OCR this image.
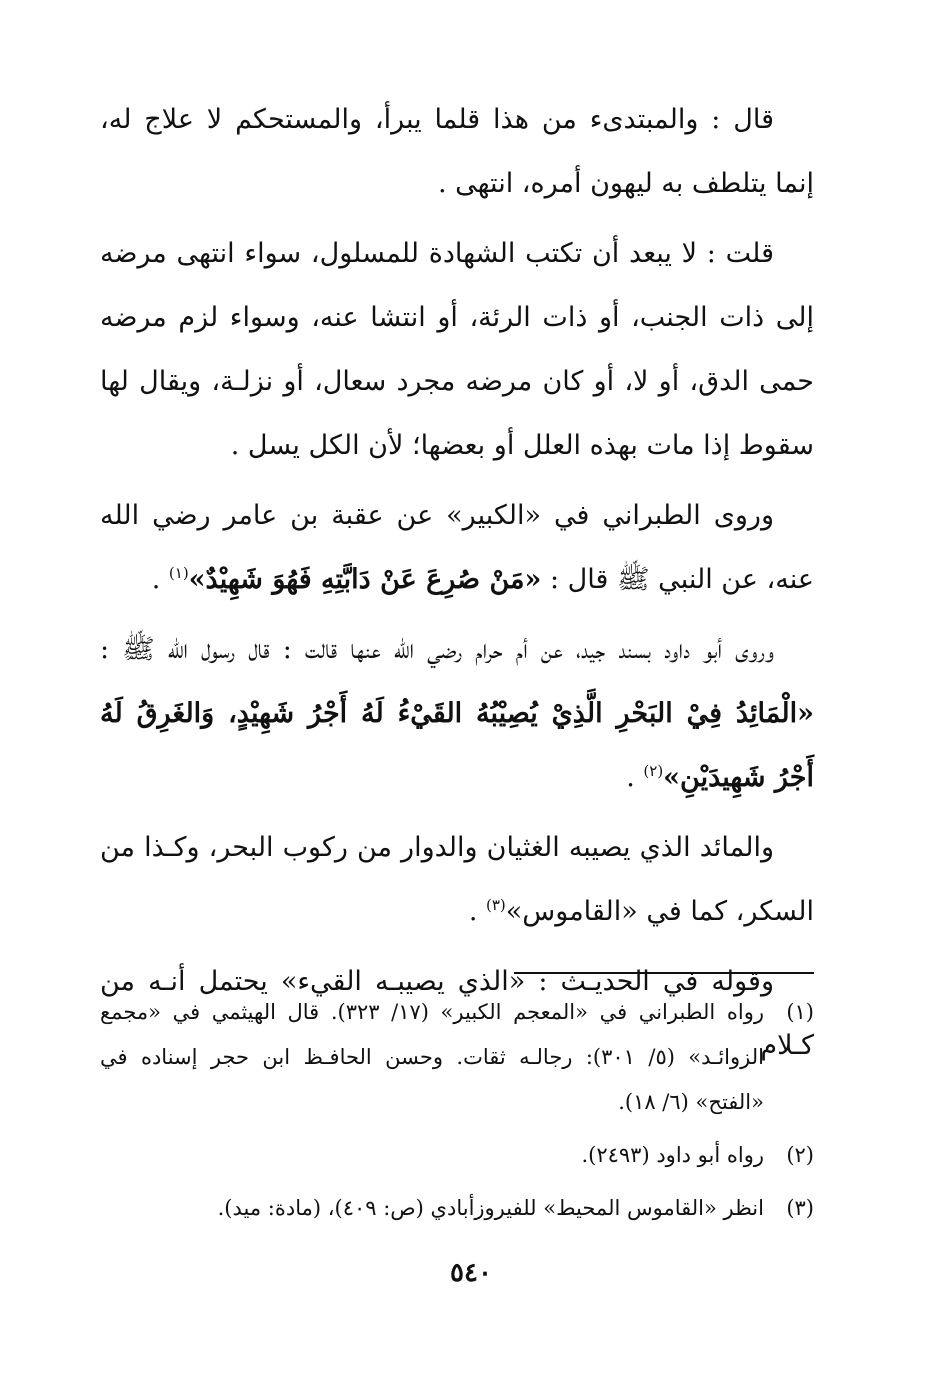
قال : والمبتدىء من هذا قلما يبرأ، والمستحكم لا علاج له، إنما يتلطف به ليهون أمره، انتهى .

قلت : لا يبعد أن تكتب الشهادة للمسلول، سواء انتهى مرضه إلى ذات الجنب، أو ذات الرئة، أو انتشا عنه، وسواء لزم مرضه حمى الدق، أو لا، أو كان مرضه مجرد سعال، أو نزلـة، ويقال لها سقوط إذا مات بهذه العلل أو بعضها؛ لأن الكل يسل .

وروى الطبراني في «الكبير» عن عقبة بن عامر رضي الله عنه، عن النبي ﷺ قال : «مَنْ صُرِعَ عَنْ دَابَّتِهِ فَهُوَ شَهِيْدٌ»$^{(١)}$ .

وروى أبو داود بسند جيد، عن أم حرام رضي الله عنها قالت : قال رسول الله ﷺ : «الْمَائِدُ فِيْ البَحْرِ الَّذِيْ يُصِيْبُهُ القَيْءُ لَهُ أَجْرُ شَهِيْدٍ، وَالغَرِقُ لَهُ أَجْرُ شَهِيدَيْنِ»$^{(٢)}$ .

والمائد الذي يصيبه الغثيان والدوار من ركوب البحر، وكـذا من السكر، كما في «القاموس»$^{(٣)}$ .

وقوله في الحديـث : «الذي يصيبـه القيء» يحتمل أنـه من كـلام

(١)
رواه الطبراني في «المعجم الكبير» (١٧/ ٣٢٣). قال الهيثمي في «مجمع الزوائـد» (٥/ ٣٠١): رجالـه ثقات. وحسن الحافـظ ابن حجر إسناده في «الفتح» (٦/ ١٨).

(٢)
رواه أبو داود (٢٤٩٣).

(٣)
انظر «القاموس المحيط» للفيروزأبادي (ص: ٤٠٩)، (مادة: ميد).

٥٤٠
